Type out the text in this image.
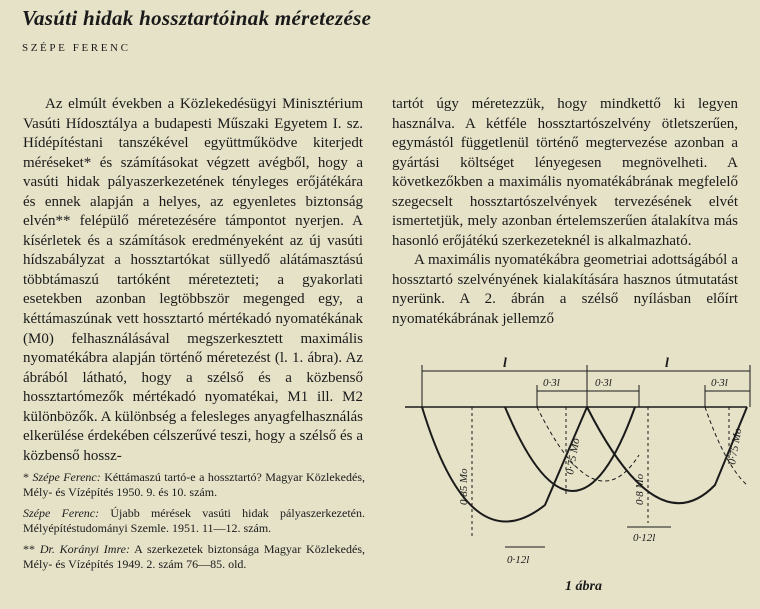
Vasúti hidak hossztartóinak méretezése
SZÉPE FERENC

Az elmúlt években a Közlekedésügyi Minisztérium Vasúti Hídosztálya a budapesti Műszaki Egyetem I. sz. Hídépítéstani tanszékével együttműködve kiterjedt méréseket* és számításokat végzett avégből, hogy a vasúti hidak pályaszerkezetének tényleges erőjátékára és ennek alapján a helyes, az egyenletes biztonság elvén** felépülő méretezésére támpontot nyerjen. A kísérletek és a számítások eredményeként az új vasúti hídszabályzat a hossztartókat süllyedő alátámasztású többtámaszú tartóként méretezteti; a gyakorlati esetekben azonban legtöbbször megenged egy, a kéttámaszúnak vett hossztartó mértékadó nyomatékának (M0) felhasználásával megszerkesztett maximális nyomatékábra alapján történő méretezést (l. 1. ábra). Az ábrából látható, hogy a szélső és a közbenső hossztartómezők mértékadó nyomatékai, M1 ill. M2 különbözők. A különbség a felesleges anyagfelhasználás elkerülése érdekében célszerűvé teszi, hogy a szélső és a közbenső hossz-

tartót úgy méretezzük, hogy mindkettő ki legyen használva. A kétféle hossztartószelvény ötletszerűen, egymástól függetlenül történő megtervezése azonban a gyártási költséget lényegesen megnövelheti. A következőkben a maximális nyomatékábrának megfelelő szegecselt hossztartószelvények tervezésének elvét ismertetjük, mely azonban értelemszerűen átalakítva más hasonló erőjátékú szerkezeteknél is alkalmazható.

A maximális nyomatékábra geometriai adottságából a hossztartó szelvényének kialakítására hasznos útmutatást nyerünk. A 2. ábrán a szélső nyílásban előírt nyomatékábrának jellemző

* Szépe Ferenc: Kéttámaszú tartó-e a hossztartó? Magyar Közlekedés, Mély- és Vízépítés 1950. 9. és 10. szám.

Szépe Ferenc: Újabb mérések vasúti hidak pályaszerkezetén. Mélyépítéstudományi Szemle. 1951. 11—12. szám.

** Dr. Korányi Imre: A szerkezetek biztonsága Magyar Közlekedés, Mély- és Vízépítés 1949. 2. szám 76—85. old.

l	l
0·3l	0·3l	0·3l
0·85 Mo
0·75 Mo
0·8 Mo
0·75 Mo
0·12l
0·12l
1 ábra
